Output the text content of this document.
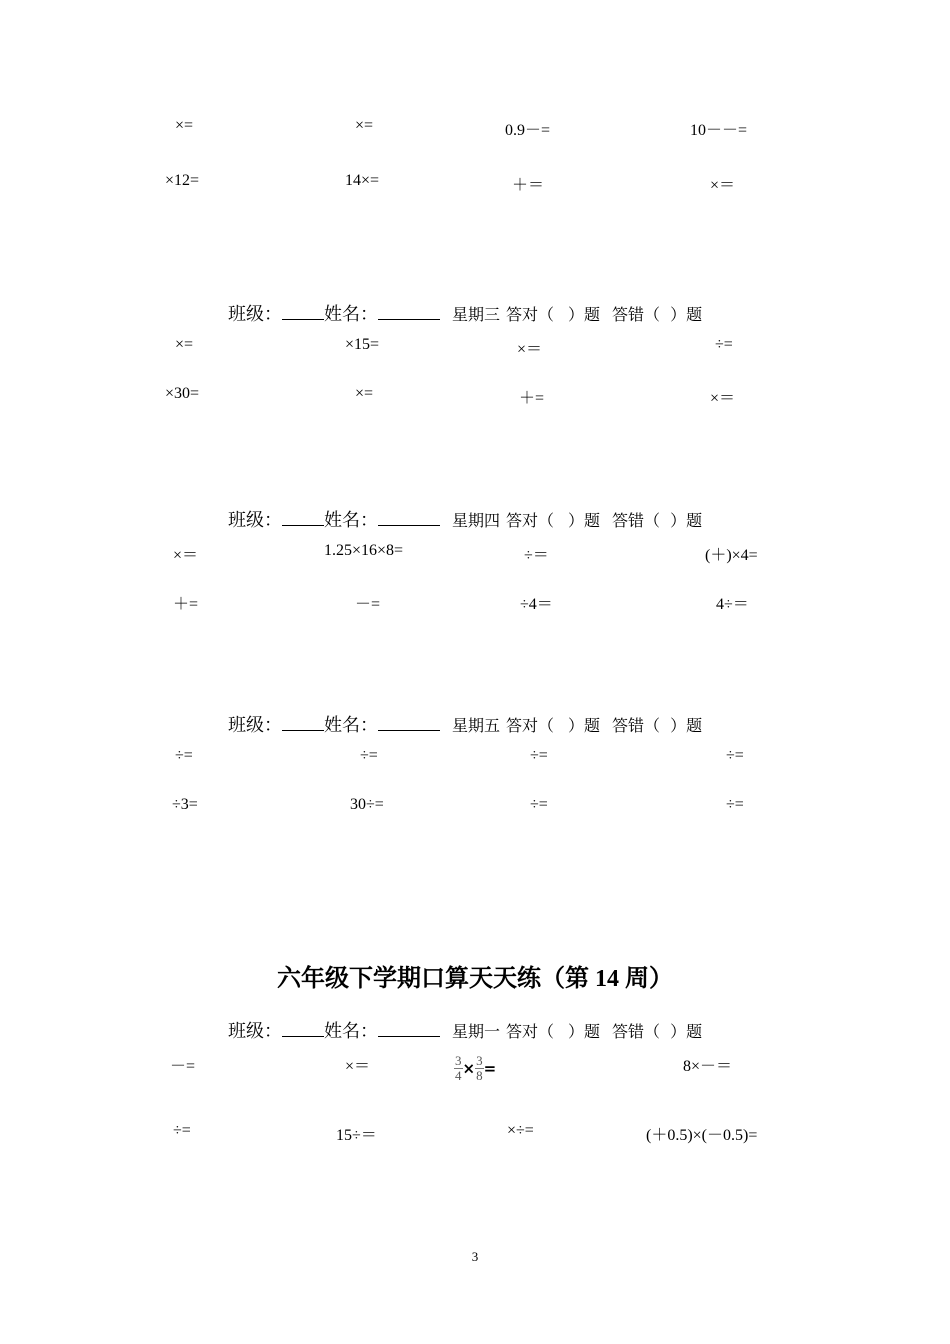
×=	×=	0.9－=	10－－=
×12=	14×=	＋＝	×＝
班级： 姓名：	星期三 答对（ ）题 答错（ ）题
×=	×15=	×＝	÷=
×30=	×=	＋=	×＝
班级： 姓名：	星期四 答对（ ）题 答错（ ）题
×＝	1.25×16×8=	÷＝	(＋)×4=
＋=	－=	÷4＝	4÷＝
班级： 姓名：	星期五 答对（ ）题 答错（ ）题
÷=	÷=	÷=	÷=
÷3=	30÷=	÷=	÷=
六年级下学期口算天天练（第 14 周）
班级： 姓名：	星期一 答对（ ）题 答错（ ）题
－=	×＝	$\frac{3}{4} \times \frac{3}{8}$ =	8×－＝
÷=	15÷＝	×÷=	(＋0.5)×(－0.5)=
3
